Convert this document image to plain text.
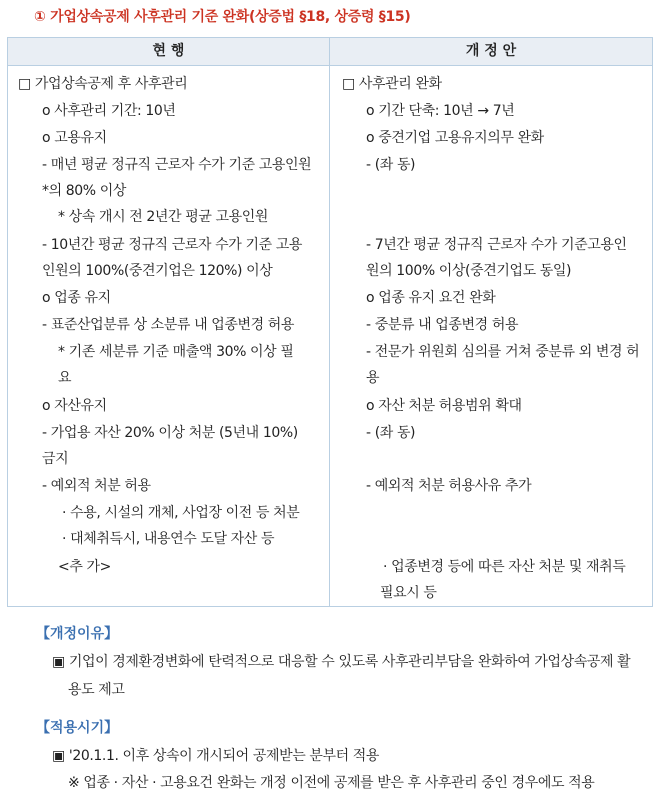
① 가업상속공제 사후관리 기준 완화(상증법 §18, 상증령 §15)
현 행	개 정 안
□ 가업상속공제 후 사후관리
o 사후관리 기간: 10년
o 고용유지
- 매년 평균 정규직 근로자 수가 기준 고용인원
*의 80% 이상
* 상속 개시 전 2년간 평균 고용인원
- 10년간 평균 정규직 근로자 수가 기준 고용
인원의 100%(중견기업은 120%) 이상
o 업종 유지
- 표준산업분류 상 소분류 내 업종변경 허용
* 기존 세분류 기준 매출액 30% 이상 필
요
o 자산유지
- 가업용 자산 20% 이상 처분 (5년내 10%)
금지
- 예외적 처분 허용
· 수용, 시설의 개체, 사업장 이전 등 처분
· 대체취득시, 내용연수 도달 자산 등
<추 가>
□ 사후관리 완화
o 기간 단축: 10년 → 7년
o 중견기업 고용유지의무 완화
- (좌 동)
- 7년간 평균 정규직 근로자 수가 기준고용인
원의 100% 이상(중견기업도 동일)
o 업종 유지 요건 완화
- 중분류 내 업종변경 허용
- 전문가 위원회 심의를 거쳐 중분류 외 변경 허
용
o 자산 처분 허용범위 확대
- (좌 동)
- 예외적 처분 허용사유 추가
· 업종변경 등에 따른 자산 처분 및 재취득
필요시 등
【개정이유】
▣ 기업이 경제환경변화에 탄력적으로 대응할 수 있도록 사후관리부담을 완화하여 가업상속공제 활
용도 제고
【적용시기】
▣ '20.1.1. 이후 상속이 개시되어 공제받는 분부터 적용
※ 업종 · 자산 · 고용요건 완화는 개정 이전에 공제를 받은 후 사후관리 중인 경우에도 적용
